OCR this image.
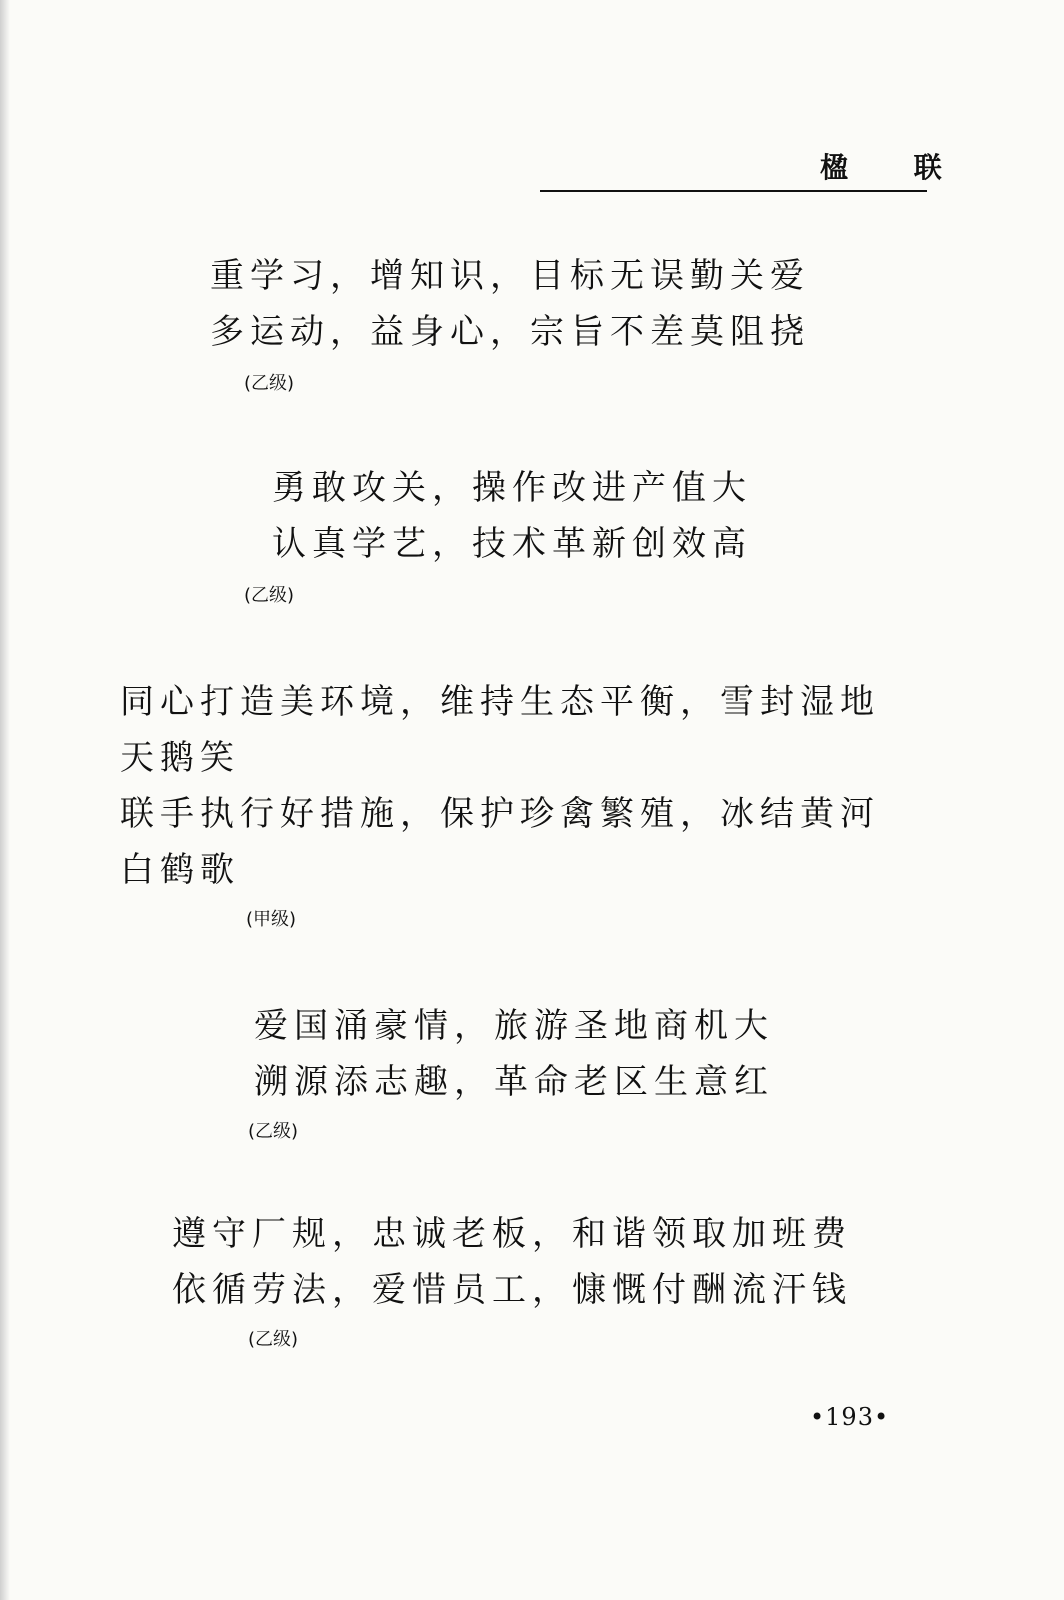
楹 联
重学习，增知识，目标无误勤关爱
多运动，益身心，宗旨不差莫阻挠
(乙级)
勇敢攻关，操作改进产值大
认真学艺，技术革新创效高
(乙级)
同心打造美环境，维持生态平衡，雪封湿地
天鹅笑
联手执行好措施，保护珍禽繁殖，冰结黄河
白鹤歌
(甲级)
爱国涌豪情，旅游圣地商机大
溯源添志趣，革命老区生意红
(乙级)
遵守厂规，忠诚老板，和谐领取加班费
依循劳法，爱惜员工，慷慨付酬流汗钱
(乙级)
•193•
